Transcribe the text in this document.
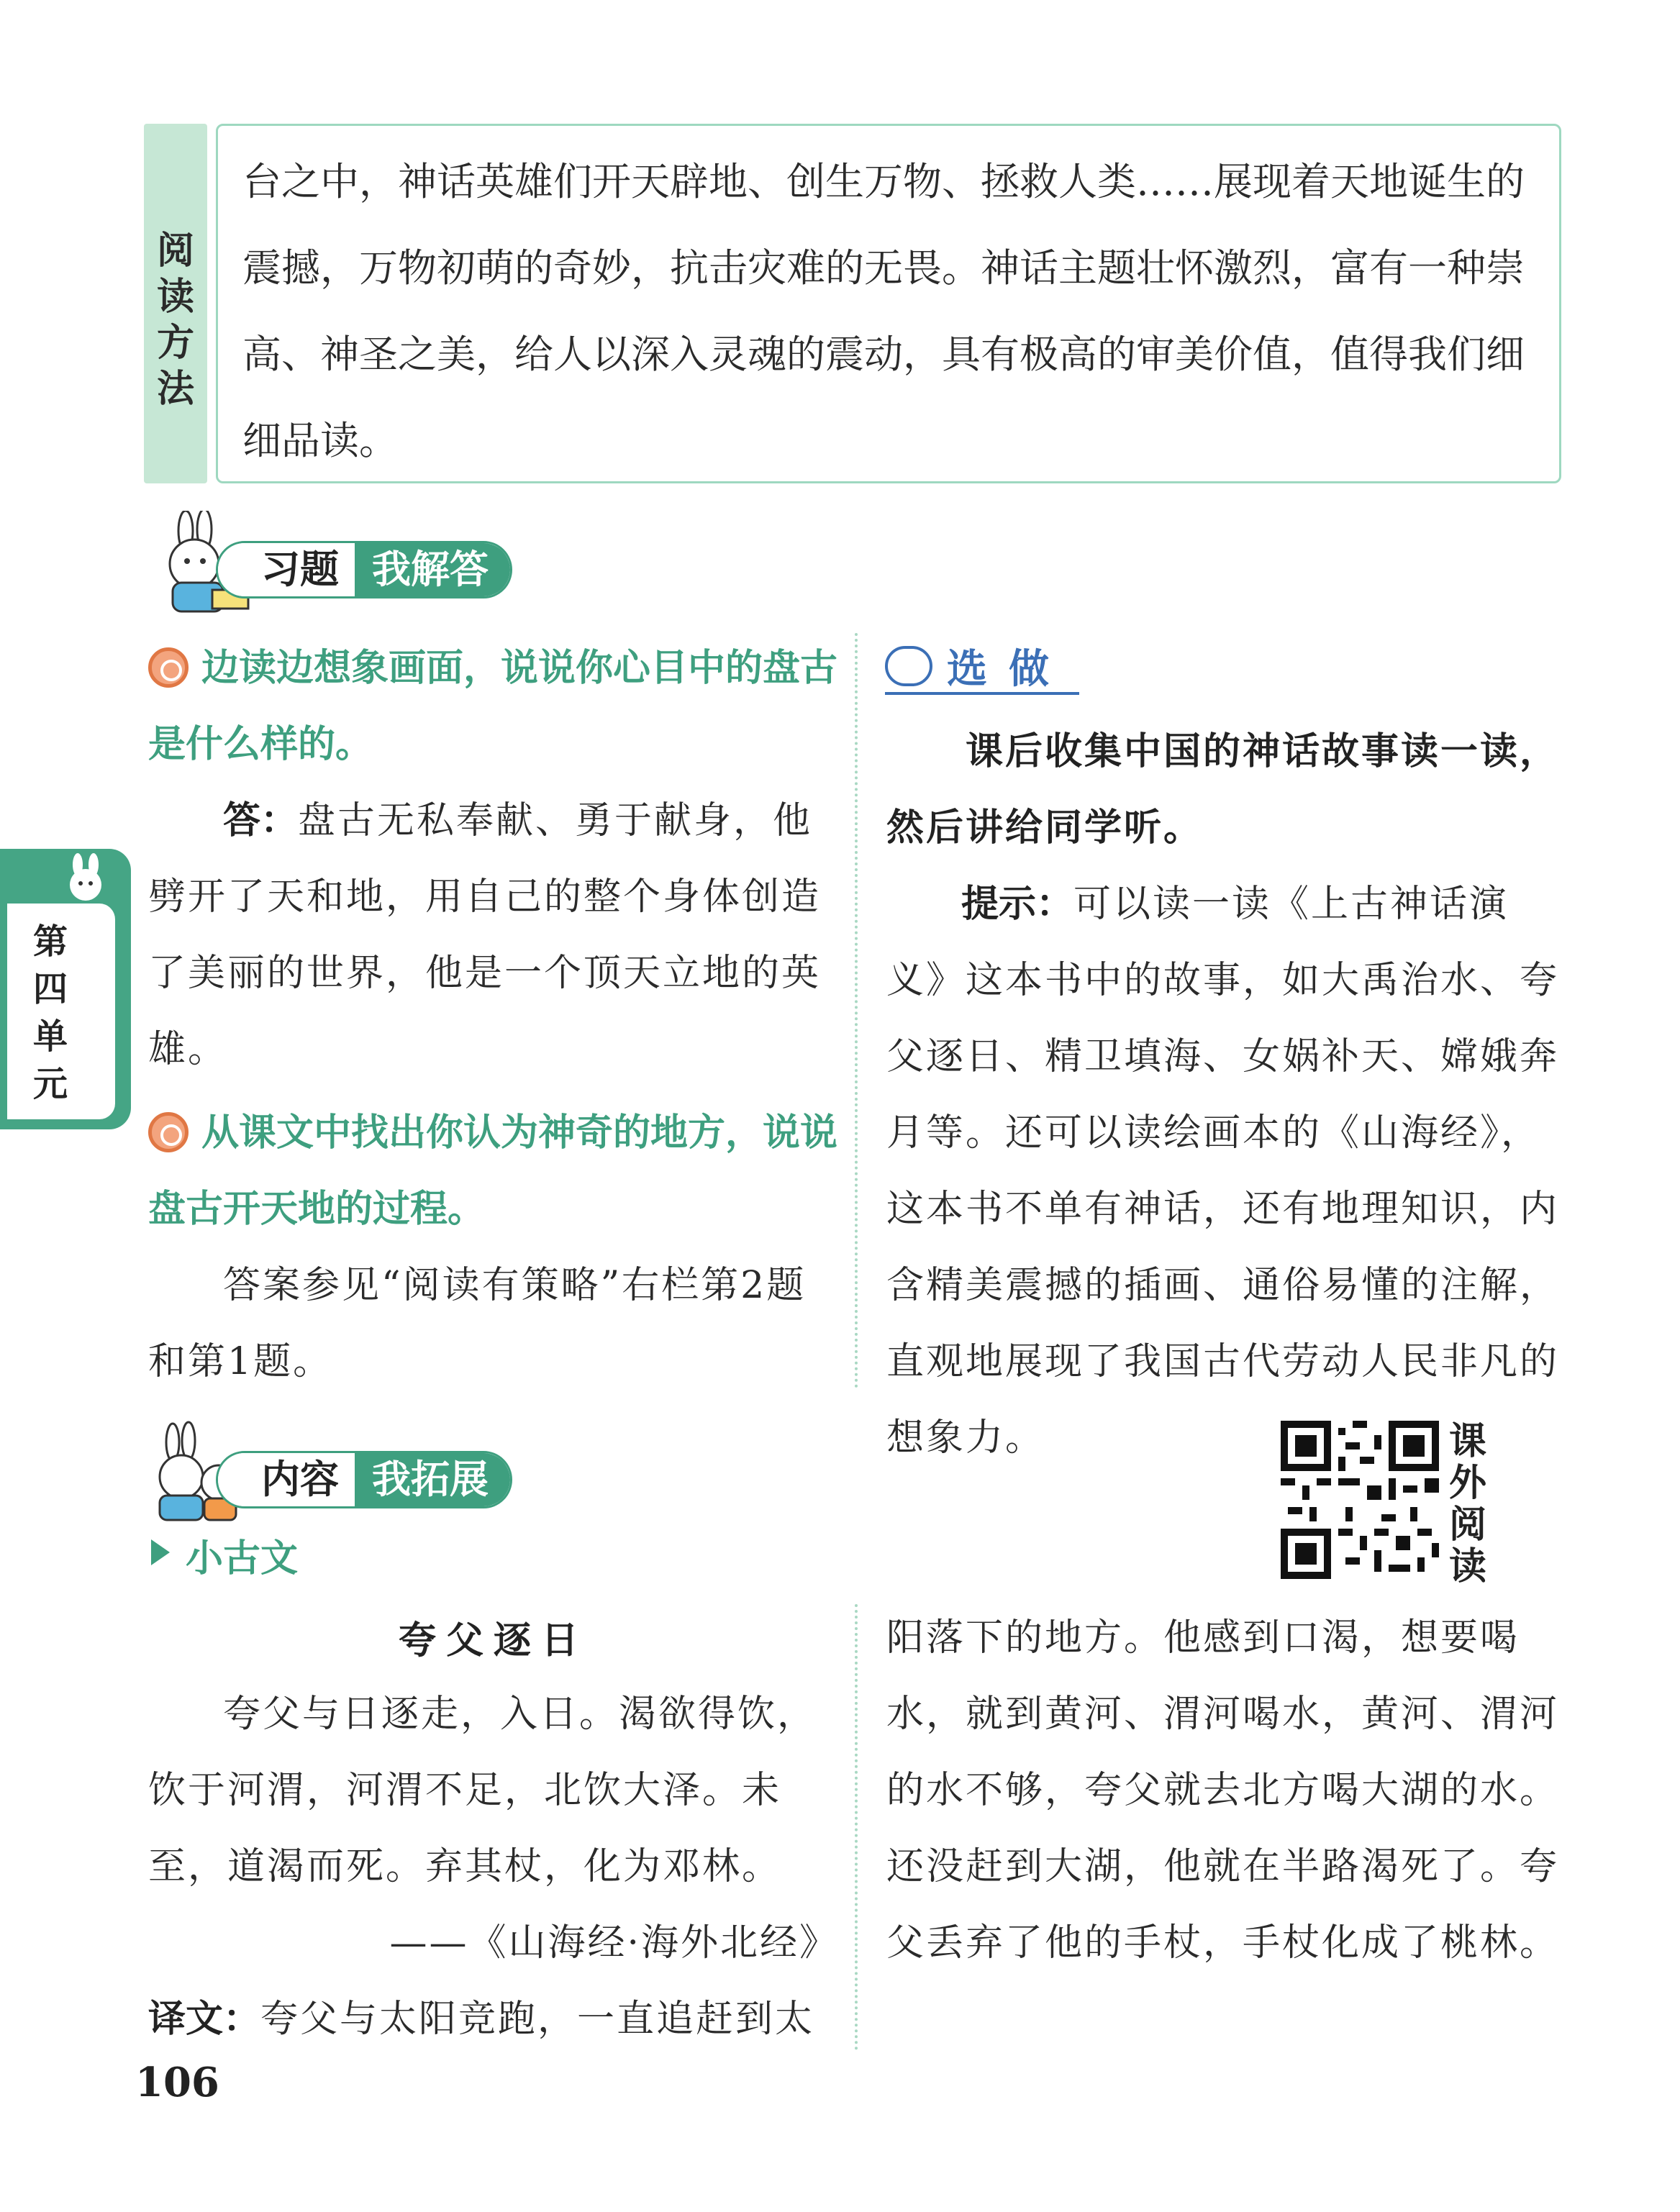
阅
读
方
法
台之中，神话英雄们开天辟地、创生万物、拯救人类……展现着天地诞生的震撼，万物初萌的奇妙，抗击灾难的无畏。神话主题壮怀激烈，富有一种崇高、神圣之美，给人以深入灵魂的震动，具有极高的审美价值，值得我们细细品读。
习题 我解答
边读边想象画面，说说你心目中的盘古是什么样的。
答：盘古无私奉献、勇于献身，他劈开了天和地，用自己的整个身体创造了美丽的世界，他是一个顶天立地的英雄。
从课文中找出你认为神奇的地方，说说盘古开天地的过程。
答案参见“阅读有策略”右栏第2题和第1题。
选做
课后收集中国的神话故事读一读，然后讲给同学听。
提示：可以读一读《上古神话演义》这本书中的故事，如大禹治水、夸父逐日、精卫填海、女娲补天、嫦娥奔月等。还可以读绘画本的《山海经》，这本书不单有神话，还有地理知识，内含精美震撼的插画、通俗易懂的注解，直观地展现了我国古代劳动人民非凡的想象力。
第
四
单
元
内容 我拓展
课
外
阅
读
小古文
夸父逐日
夸父与日逐走，入日。渴欲得饮，饮于河渭，河渭不足，北饮大泽。未至，道渴而死。弃其杖，化为邓林。
——《山海经·海外北经》
译文：夸父与太阳竞跑，一直追赶到太
阳落下的地方。他感到口渴，想要喝水，就到黄河、渭河喝水，黄河、渭河的水不够，夸父就去北方喝大湖的水。还没赶到大湖，他就在半路渴死了。夸父丢弃了他的手杖，手杖化成了桃林。
106
